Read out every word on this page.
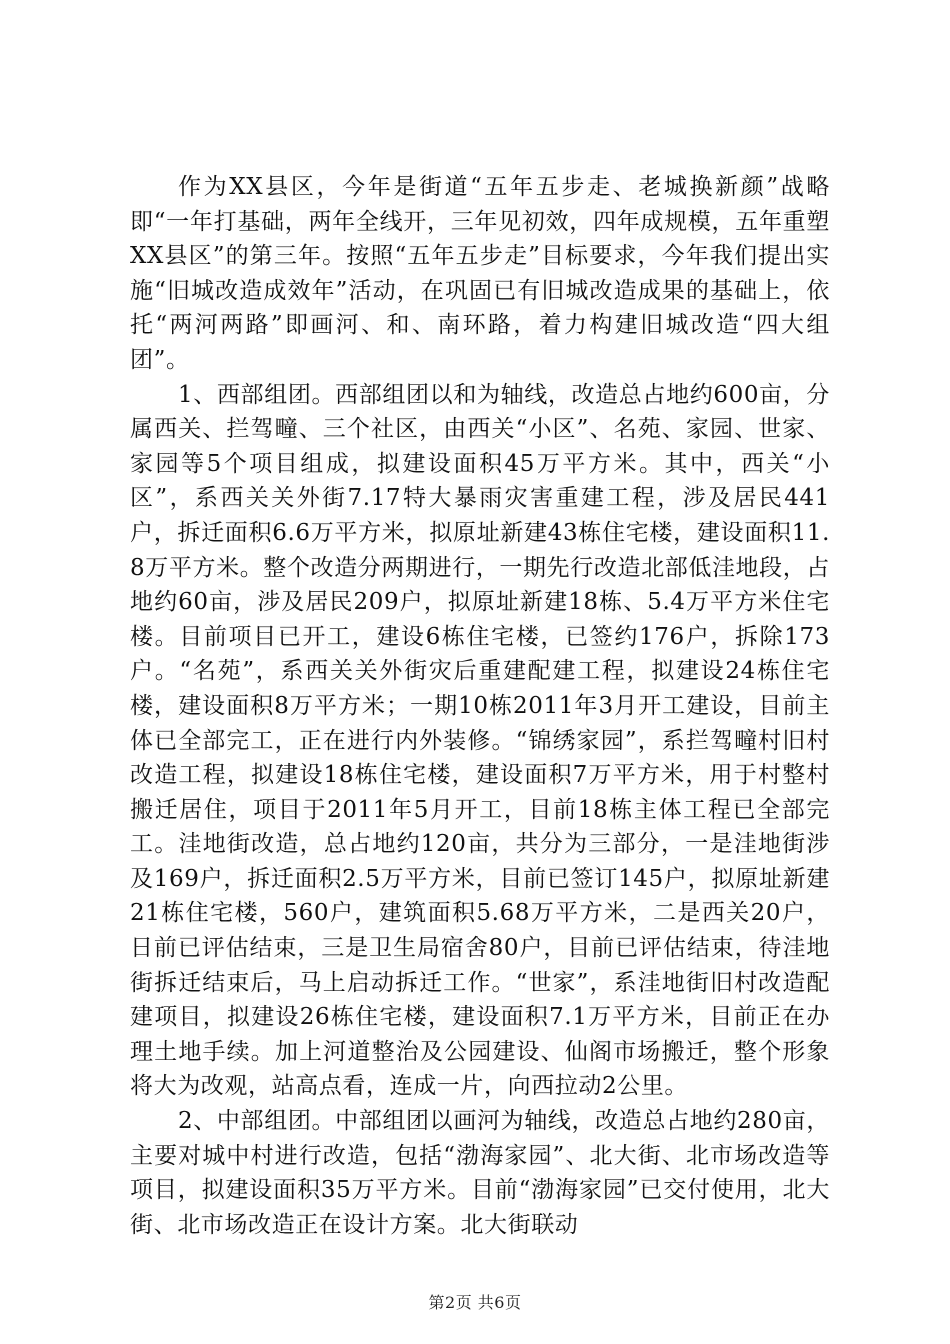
作为XX县区，今年是街道“五年五步走、老城换新颜”战略即“一年打基础，两年全线开，三年见初效，四年成规模，五年重塑XX县区”的第三年。按照“五年五步走”目标要求，今年我们提出实施“旧城改造成效年”活动，在巩固已有旧城改造成果的基础上，依托“两河两路”即画河、和、南环路，着力构建旧城改造“四大组团”。

1、西部组团。西部组团以和为轴线，改造总占地约600亩，分属西关、拦驾疃、三个社区，由西关“小区”、名苑、家园、世家、家园等5个项目组成，拟建设面积45万平方米。其中，西关“小区”，系西关关外街7.17特大暴雨灾害重建工程，涉及居民441户，拆迁面积6.6万平方米，拟原址新建43栋住宅楼，建设面积11.8万平方米。整个改造分两期进行，一期先行改造北部低洼地段，占地约60亩，涉及居民209户，拟原址新建18栋、5.4万平方米住宅楼。目前项目已开工，建设6栋住宅楼，已签约176户，拆除173户。“名苑”，系西关关外街灾后重建配建工程，拟建设24栋住宅楼，建设面积8万平方米；一期10栋2011年3月开工建设，目前主体已全部完工，正在进行内外装修。“锦绣家园”，系拦驾疃村旧村改造工程，拟建设18栋住宅楼，建设面积7万平方米，用于村整村搬迁居住，项目于2011年5月开工，目前18栋主体工程已全部完工。洼地街改造，总占地约120亩，共分为三部分，一是洼地街涉及169户，拆迁面积2.5万平方米，目前已签订145户，拟原址新建21栋住宅楼，560户，建筑面积5.68万平方米，二是西关20户，日前已评估结束，三是卫生局宿舍80户，目前已评估结束，待洼地街拆迁结束后，马上启动拆迁工作。“世家”，系洼地街旧村改造配建项目，拟建设26栋住宅楼，建设面积7.1万平方米，目前正在办理土地手续。加上河道整治及公园建设、仙阁市场搬迁，整个形象将大为改观，站高点看，连成一片，向西拉动2公里。

2、中部组团。中部组团以画河为轴线，改造总占地约280亩，主要对城中村进行改造，包括“渤海家园”、北大街、北市场改造等项目，拟建设面积35万平方米。目前“渤海家园”已交付使用，北大街、北市场改造正在设计方案。北大街联动

第2页 共6页
